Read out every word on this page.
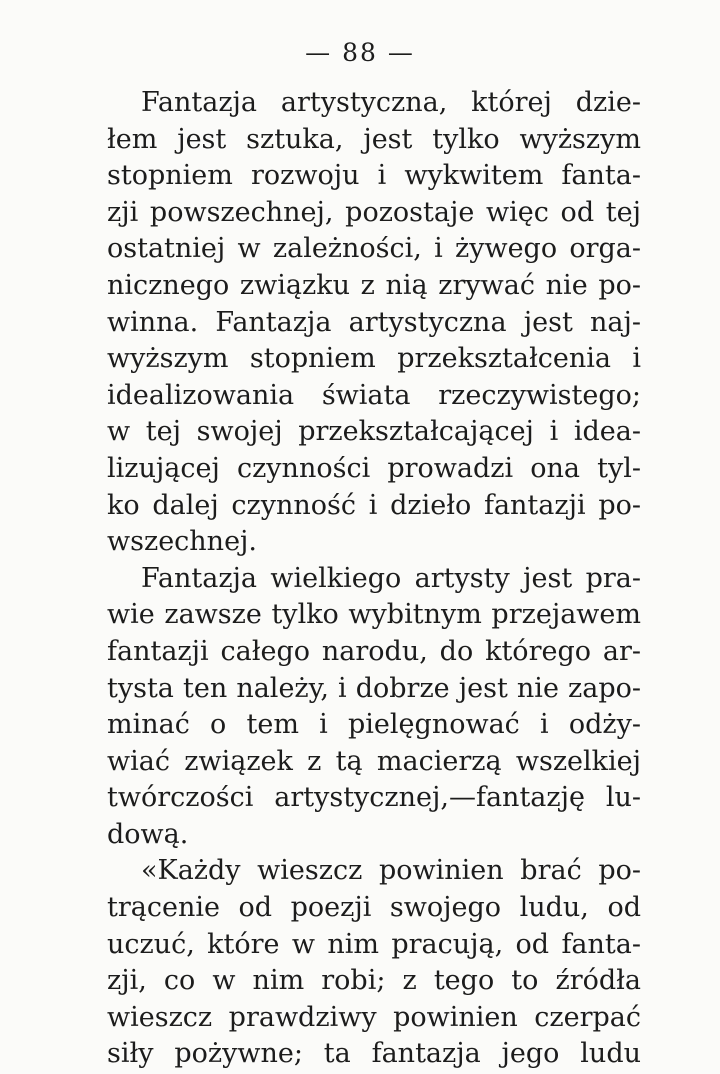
— 88 —
Fantazja artystyczna, której dzie-
łem jest sztuka, jest tylko wyższym
stopniem rozwoju i wykwitem fanta-
zji powszechnej, pozostaje więc od tej
ostatniej w zależności, i żywego orga-
nicznego związku z nią zrywać nie po-
winna. Fantazja artystyczna jest naj-
wyższym stopniem przekształcenia i
idealizowania świata rzeczywistego;
w tej swojej przekształcającej i idea-
lizującej czynności prowadzi ona tyl-
ko dalej czynność i dzieło fantazji po-
wszechnej.
Fantazja wielkiego artysty jest pra-
wie zawsze tylko wybitnym przejawem
fantazji całego narodu, do którego ar-
tysta ten należy, i dobrze jest nie zapo-
minać o tem i pielęgnować i odży-
wiać związek z tą macierzą wszelkiej
twórczości artystycznej,—fantazję lu-
dową.
«Każdy wieszcz powinien brać po-
trącenie od poezji swojego ludu, od
uczuć, które w nim pracują, od fanta-
zji, co w nim robi; z tego to źródła
wieszcz prawdziwy powinien czerpać
siły pożywne; ta fantazja jego ludu
